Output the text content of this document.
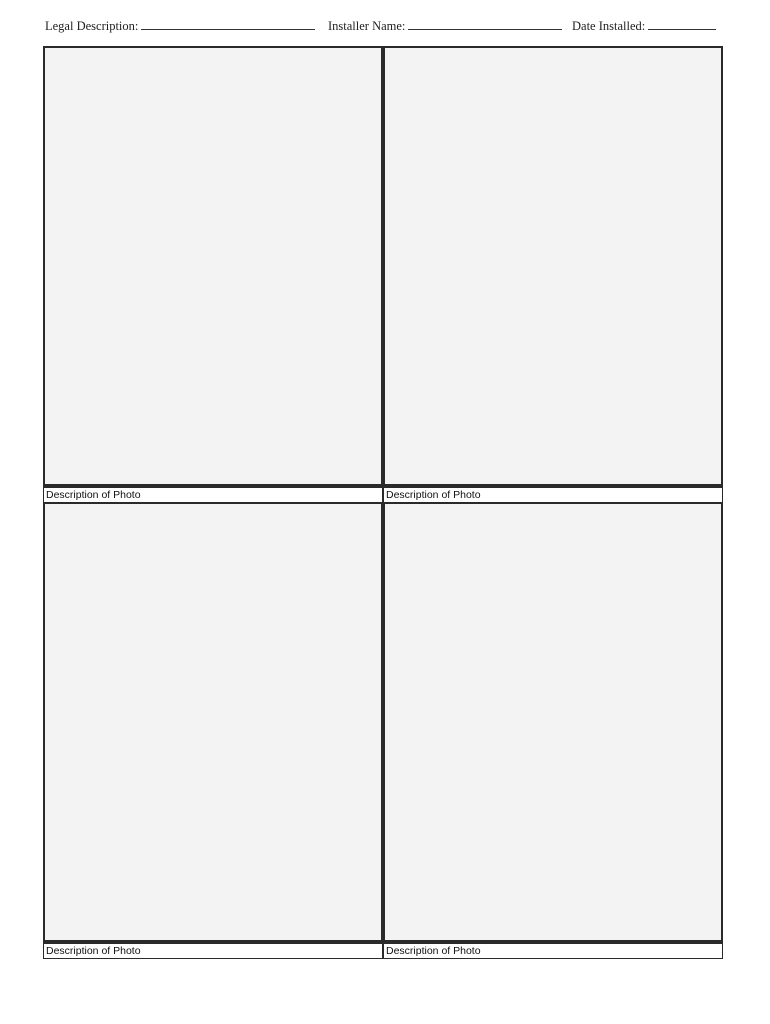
Legal Description:	Installer Name:	Date Installed:
Description of Photo	Description of Photo
Description of Photo	Description of Photo
